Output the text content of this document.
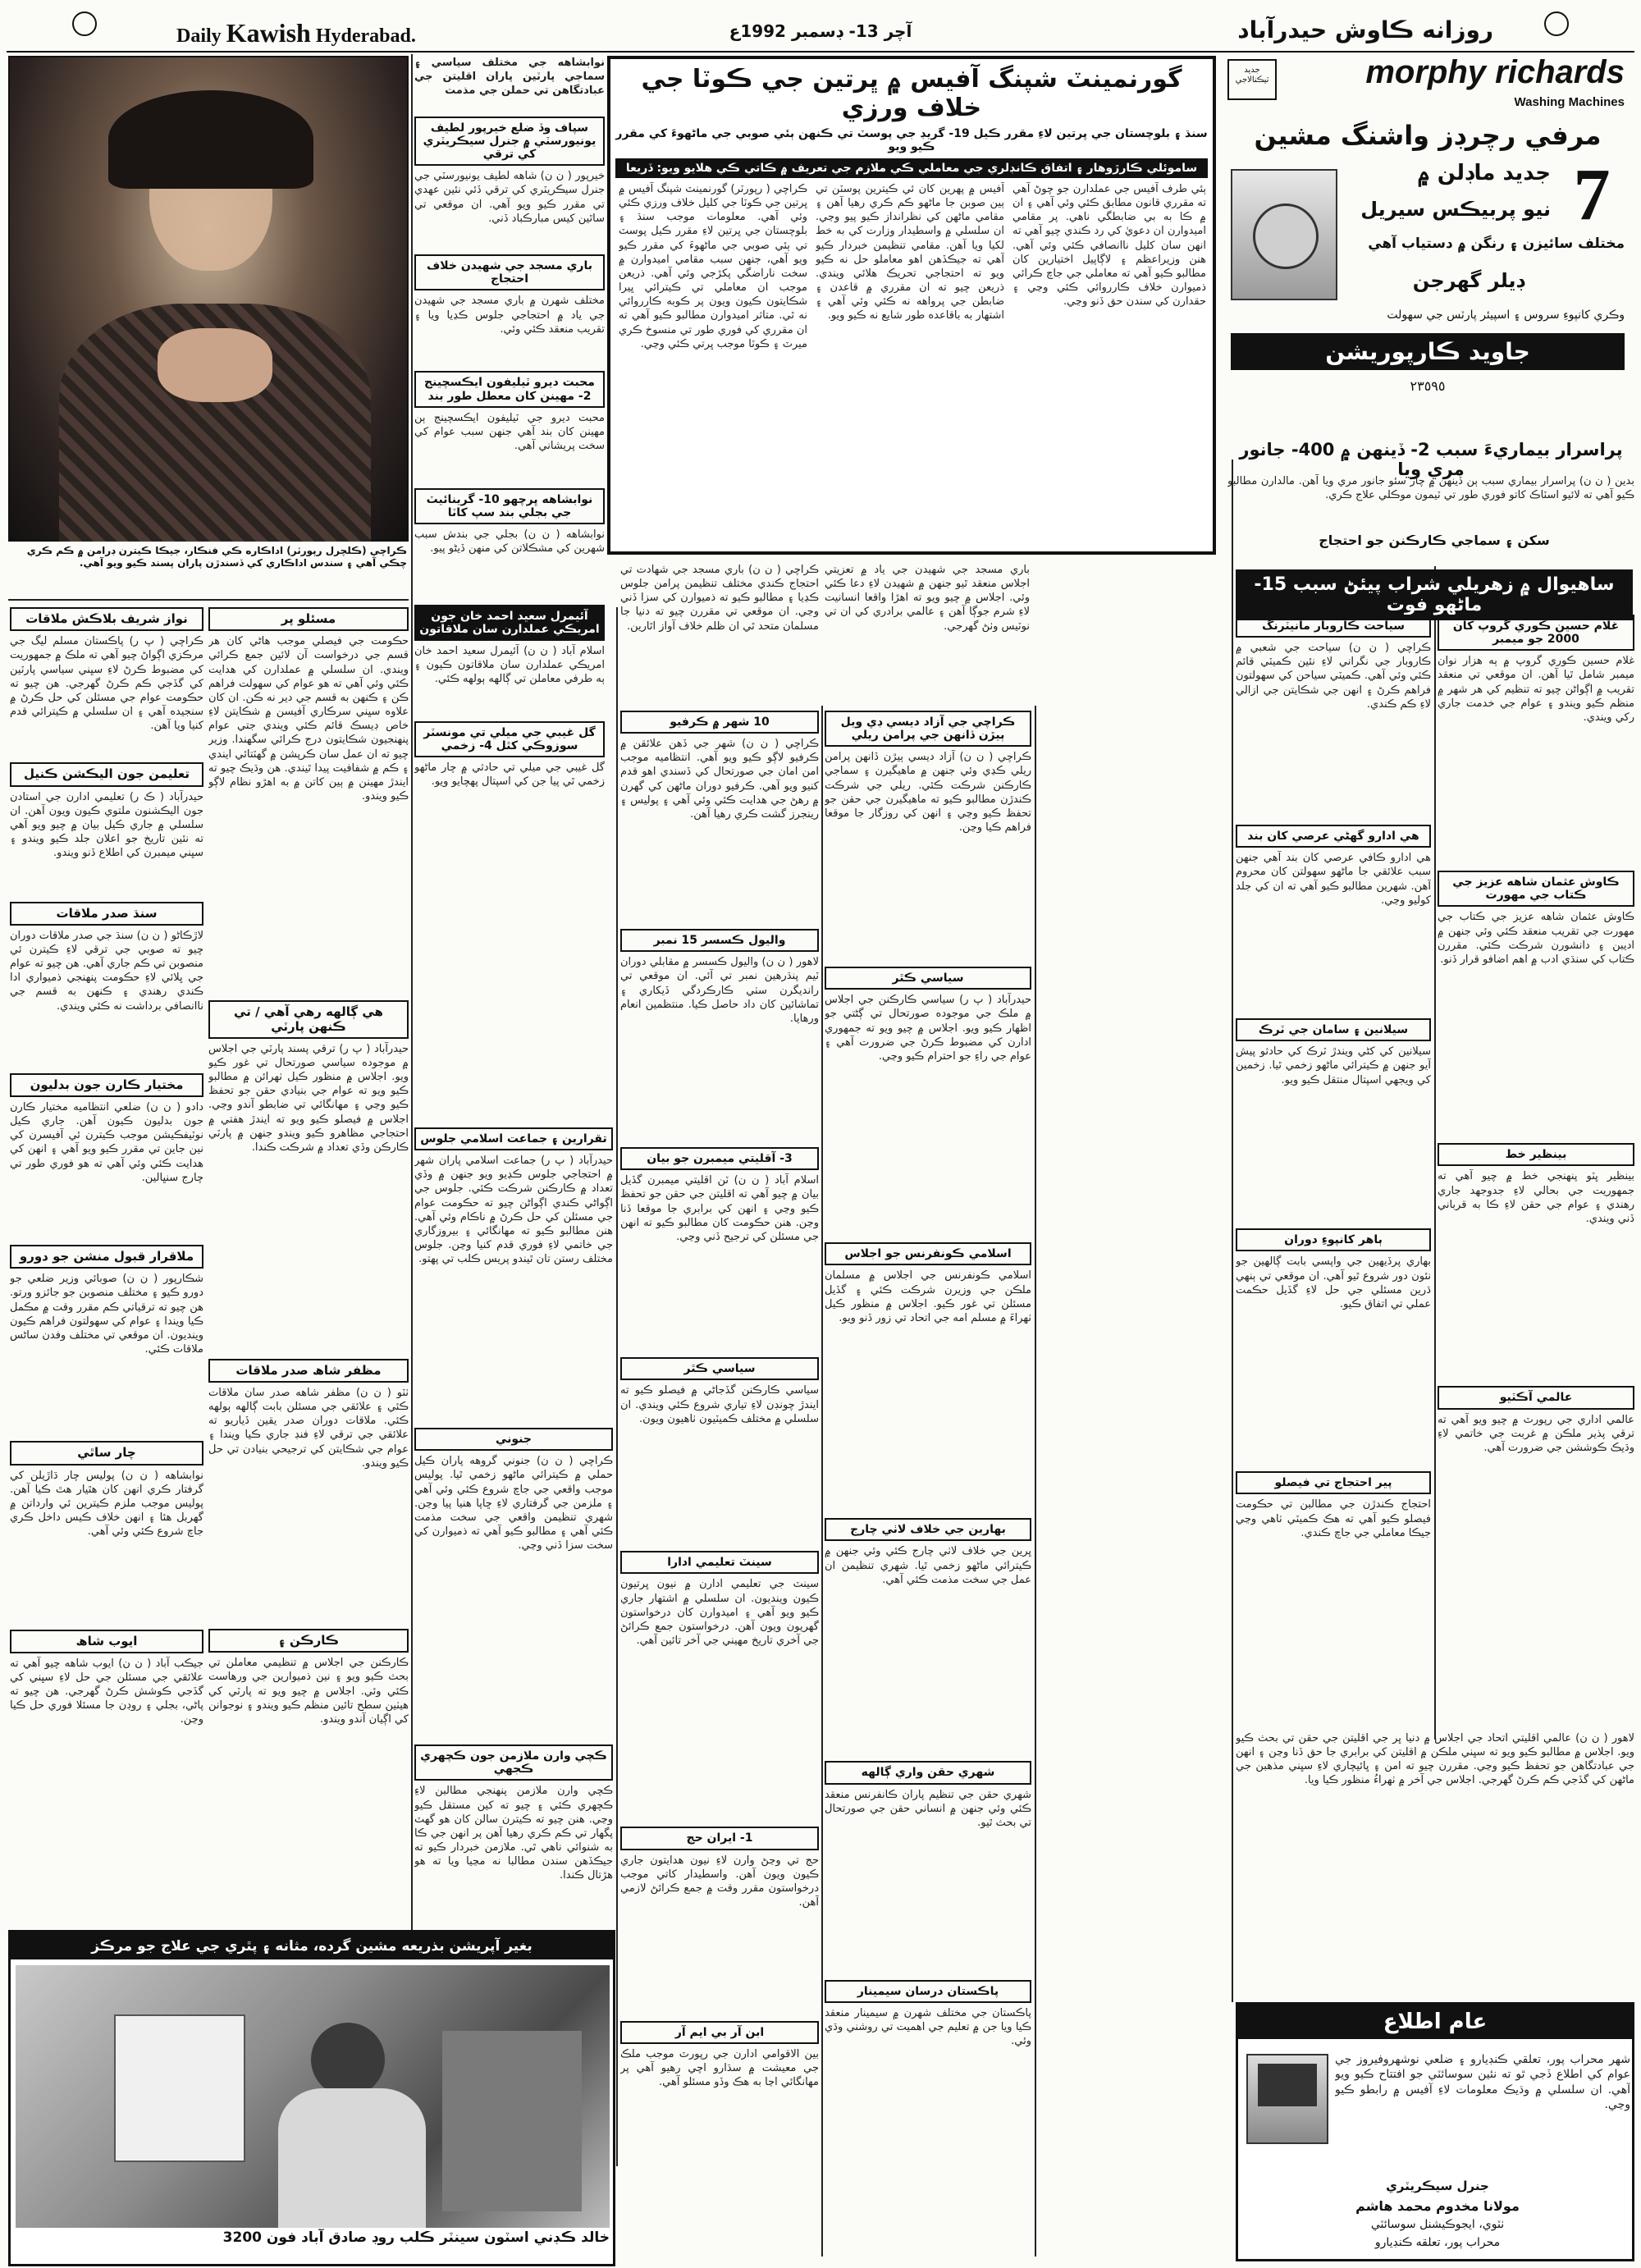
Daily Kawish Hyderabad.	آچر 13- ڊسمبر 1992ع	روزانه ڪاوش حيدرآباد
ڪراچي (ڪلچرل رپورٽر) اداڪاره ڪي فنڪار، جيڪا ڪيترن ڊرامن ۾ ڪم ڪري چڪي آهي ۽ سندس اداڪاري کي ڏسندڙن پاران پسند ڪيو ويو آهي.
نواز شريف بلاڪش ملاقات
ڪراچي ( پ ر) پاڪستان مسلم ليگ جي مرڪزي اڳواڻ چيو آهي ته ملڪ ۾ جمهوريت کي مضبوط ڪرڻ لاءِ سڀني سياسي پارٽين کي گڏجي ڪم ڪرڻ گهرجي. هن چيو ته حڪومت عوام جي مسئلن کي حل ڪرڻ ۾ سنجيده آهي ۽ ان سلسلي ۾ ڪيترائي قدم کنيا ويا آهن.
تعليمن جون اليڪشن ڪنيل
حيدرآباد ( ڪ ر) تعليمي ادارن جي استادن جون اليڪشنون ملتوي ڪيون ويون آهن. ان سلسلي ۾ جاري ڪيل بيان ۾ چيو ويو آهي ته نئين تاريخ جو اعلان جلد ڪيو ويندو ۽ سڀني ميمبرن کي اطلاع ڏنو ويندو.
سنڌ صدر ملاقات
لاڙڪاڻو ( ن ن) سنڌ جي صدر ملاقات دوران چيو ته صوبي جي ترقي لاءِ ڪيترن ئي منصوبن تي ڪم جاري آهي. هن چيو ته عوام جي ڀلائي لاءِ حڪومت پنهنجي ذميواري ادا ڪندي رهندي ۽ ڪنهن به قسم جي ناانصافي برداشت نه ڪئي ويندي.
مختيار ڪارن جون بدليون
دادو ( ن ن) ضلعي انتظاميه مختيار ڪارن جون بدليون ڪيون آهن. جاري ڪيل نوٽيفڪيشن موجب ڪيترن ئي آفيسرن کي نين جاين تي مقرر ڪيو ويو آهي ۽ انهن کي هدايت ڪئي وئي آهي ته هو فوري طور تي چارج سنڀالين.
ملاقرار قبول منشن جو دورو
شڪارپور ( ن ن) صوبائي وزير ضلعي جو دورو ڪيو ۽ مختلف منصوبن جو جائزو ورتو. هن چيو ته ترقياتي ڪم مقرر وقت ۾ مڪمل ڪيا ويندا ۽ عوام کي سهولتون فراهم ڪيون وينديون. ان موقعي تي مختلف وفدن ساڻس ملاقات ڪئي.
چار ساٿي
نوابشاهه ( ن ن) پوليس چار ڌاڙيلن کي گرفتار ڪري انهن کان هٿيار هٿ ڪيا آهن. پوليس موجب ملزم ڪيترين ئي وارداتن ۾ گهربل هئا ۽ انهن خلاف ڪيس داخل ڪري جاچ شروع ڪئي وئي آهي.
ايوب شاھ
جيڪب آباد ( ن ن) ايوب شاهه چيو آهي ته علائقي جي مسئلن جي حل لاءِ سڀني کي گڏجي ڪوشش ڪرڻ گهرجي. هن چيو ته پاڻي، بجلي ۽ روڊن جا مسئلا فوري حل ڪيا وڃن.
مسئلو پر
حڪومت جي فيصلي موجب هاڻي کان هر قسم جي درخواست آن لائين جمع ڪرائي ويندي. ان سلسلي ۾ عملدارن کي هدايت ڪئي وئي آهي ته هو عوام کي سهولت فراهم ڪن ۽ ڪنهن به قسم جي دير نه ڪن. ان کان علاوه سڀني سرڪاري آفيسن ۾ شڪايتن لاءِ خاص ڊيسڪ قائم ڪئي ويندي جتي عوام پنهنجيون شڪايتون درج ڪرائي سگهندا. وزير چيو ته ان عمل سان ڪرپشن ۾ گهٽتائي ايندي ۽ ڪم ۾ شفافيت پيدا ٿيندي. هن وڌيڪ چيو ته ايندڙ مهينن ۾ ٻين کاتن ۾ به اهڙو نظام لاڳو ڪيو ويندو.
هي ڳالهه رهي آهي / تي ڪنهن پارٽي
حيدرآباد ( پ ر) ترقي پسند پارٽي جي اجلاس ۾ موجوده سياسي صورتحال تي غور ڪيو ويو. اجلاس ۾ منظور ڪيل ٺهرائن ۾ مطالبو ڪيو ويو ته عوام جي بنيادي حقن جو تحفظ ڪيو وڃي ۽ مهانگائي تي ضابطو آندو وڃي. اجلاس ۾ فيصلو ڪيو ويو ته ايندڙ هفتي ۾ احتجاجي مظاهرو ڪيو ويندو جنهن ۾ پارٽي ڪارڪن وڏي تعداد ۾ شرڪت ڪندا.
مظفر شاھ صدر ملاقات
ٺٽو ( ن ن) مظفر شاهه صدر سان ملاقات ڪئي ۽ علائقي جي مسئلن بابت ڳالهه ٻولهه ڪئي. ملاقات دوران صدر يقين ڏياريو ته علائقي جي ترقي لاءِ فنڊ جاري ڪيا ويندا ۽ عوام جي شڪايتن کي ترجيحي بنيادن تي حل ڪيو ويندو.
ڪارڪن ۽
ڪارڪنن جي اجلاس ۾ تنظيمي معاملن تي بحث ڪيو ويو ۽ نين ذميوارين جي ورهاست ڪئي وئي. اجلاس ۾ چيو ويو ته پارٽي کي هيٺين سطح تائين منظم ڪيو ويندو ۽ نوجوانن کي اڳيان آندو ويندو.
بغير آپريشن بذريعه مشين گرده، مثانه ۽ پٿري جي علاج جو مرڪز
خالد ڪڊني اسٽون سينٽر ڪلب روڊ صادق آباد فون 3200
گورنمينٽ شپنگ آفيس ۾ ڀرتين جي ڪوٽا جي خلاف ورزي
سنڌ ۽ بلوچستان جي ڀرتين لاءِ مقرر ڪيل 19- گريڊ جي پوسٽ تي ڪنهن ٻئي صوبي جي ماڻهوءَ کي مقرر ڪيو ويو
ساموئلي ڪارڙوهار ۽ اتفاق ڪانڊلري جي معاملي ڪي ملازم جي تعريف ۾ ڪاتي ڪي هلايو ويو: ڏريعا
ڪراچي ( رپورٽر) گورنمينٽ شپنگ آفيس ۾ ڀرتين جي ڪوٽا جي کليل خلاف ورزي ڪئي وئي آهي. معلومات موجب سنڌ ۽ بلوچستان جي ڀرتين لاءِ مقرر ڪيل پوسٽ تي ٻئي صوبي جي ماڻهوءَ کي مقرر ڪيو ويو آهي، جنهن سبب مقامي اميدوارن ۾ سخت ناراضگي پکڙجي وئي آهي. ذريعن موجب ان معاملي تي ڪيترائي ڀيرا شڪايتون ڪيون ويون پر ڪوبه ڪارروائي نه ٿي. متاثر اميدوارن مطالبو ڪيو آهي ته ان مقرري کي فوري طور تي منسوخ ڪري ميرٽ ۽ ڪوٽا موجب ڀرتي ڪئي وڃي.
آفيس ۾ پهرين کان ئي ڪيترين پوسٽن تي ٻين صوبن جا ماڻهو ڪم ڪري رهيا آهن ۽ مقامي ماڻهن کي نظرانداز ڪيو پيو وڃي. ان سلسلي ۾ واسطيدار وزارت کي به خط لکيا ويا آهن. مقامي تنظيمن خبردار ڪيو آهي ته جيڪڏهن اهو معاملو حل نه ڪيو ويو ته احتجاجي تحريڪ هلائي ويندي. ذريعن چيو ته ان مقرري ۾ قاعدن ۽ ضابطن جي پرواهه نه ڪئي وئي آهي ۽ اشتهار به باقاعده طور شايع نه ڪيو ويو.
ٻئي طرف آفيس جي عملدارن جو چوڻ آهي ته مقرري قانون مطابق ڪئي وئي آهي ۽ ان ۾ ڪا به بي ضابطگي ناهي. پر مقامي اميدوارن ان دعويٰ کي رد ڪندي چيو آهي ته انهن سان کليل ناانصافي ڪئي وئي آهي. هنن وزيراعظم ۽ لاڳاپيل اختيارين کان مطالبو ڪيو آهي ته معاملي جي جاچ ڪرائي ذميوارن خلاف ڪارروائي ڪئي وڃي ۽ حقدارن کي سندن حق ڏنو وڃي.
نوابشاهه جي مختلف سياسي ۽ سماجي پارٽين پاران اقليتن جي عبادتگاهن تي حملن جي مذمت
سپاف وڏ ضلع خيرپور لطيف يونيورسٽي ۾ جنرل سيڪريٽري کي ترقي
خيرپور ( ن ن) شاهه لطيف يونيورسٽي جي جنرل سيڪريٽري کي ترقي ڏئي نئين عهدي تي مقرر ڪيو ويو آهي. ان موقعي تي ساٿين کيس مبارڪباد ڏني.
باري مسجد جي شهيدن خلاف احتجاج
مختلف شهرن ۾ باري مسجد جي شهيدن جي ياد ۾ احتجاجي جلوس ڪڍيا ويا ۽ تقريب منعقد ڪئي وئي.
محبت ديرو ٽيليفون ايڪسچينج 2- مهينن کان معطل طور بند
محبت ديرو جي ٽيليفون ايڪسچينج ٻن مهينن کان بند آهي جنهن سبب عوام کي سخت پريشاني آهي.
نوابشاهه ڀرچهو 10- گرينائيٽ جي بجلي بند سپ کاٽا
نوابشاهه ( ن ن) بجلي جي بندش سبب شهرين کي مشڪلاتن کي منهن ڏيڻو پيو.
آئيمرل سعيد احمد خان جون امريڪي عملدارن سان ملاقاتون
اسلام آباد ( ن ن) آئيمرل سعيد احمد خان امريڪي عملدارن سان ملاقاتون ڪيون ۽ ٻه طرفي معاملن تي ڳالهه ٻولهه ڪئي.
گل غيبي جي ميلي تي مونسٽر سوزوڪي کٿل 4- زخمي
گل غيبي جي ميلي تي حادثي ۾ چار ماڻهو زخمي ٿي پيا جن کي اسپتال پهچايو ويو.
تقرارين ۽ جماعت اسلامي جلوس
حيدرآباد ( پ ر) جماعت اسلامي پاران شهر ۾ احتجاجي جلوس ڪڍيو ويو جنهن ۾ وڏي تعداد ۾ ڪارڪنن شرڪت ڪئي. جلوس جي اڳواڻي ڪندي اڳواڻن چيو ته حڪومت عوام جي مسئلن کي حل ڪرڻ ۾ ناڪام وئي آهي. هنن مطالبو ڪيو ته مهانگائي ۽ بيروزگاري جي خاتمي لاءِ فوري قدم کنيا وڃن. جلوس مختلف رستن تان ٿيندو پريس ڪلب تي پهتو.
جنوني
ڪراچي ( ن ن) جنوني گروهه پاران ڪيل حملي ۾ ڪيترائي ماڻهو زخمي ٿيا. پوليس موجب واقعي جي جاچ شروع ڪئي وئي آهي ۽ ملزمن جي گرفتاري لاءِ ڇاپا هنيا پيا وڃن. شهري تنظيمن واقعي جي سخت مذمت ڪئي آهي ۽ مطالبو ڪيو آهي ته ذميوارن کي سخت سزا ڏني وڃي.
ڪچي وارن ملازمن جون ڪچهري ڪجهي
ڪچي وارن ملازمن پنهنجي مطالبن لاءِ ڪچهري ڪئي ۽ چيو ته کين مستقل ڪيو وڃي. هنن چيو ته ڪيترن سالن کان هو گهٽ پگهار تي ڪم ڪري رهيا آهن پر انهن جي ڪا به شنوائي ناهي ٿي. ملازمن خبردار ڪيو ته جيڪڏهن سندن مطالبا نه مڃيا ويا ته هو هڙتال ڪندا.
ڪراچي ( ن ن) باري مسجد جي شهادت تي احتجاج ڪندي مختلف تنظيمن پرامن جلوس ڪڍيا ۽ مطالبو ڪيو ته ذميوارن کي سزا ڏني وڃي. ان موقعي تي مقررن چيو ته دنيا جا مسلمان متحد ٿي ان ظلم خلاف آواز اٿارين.
باري مسجد جي شهيدن جي ياد ۾ تعزيتي اجلاس منعقد ٿيو جنهن ۾ شهيدن لاءِ دعا ڪئي وئي. اجلاس ۾ چيو ويو ته اهڙا واقعا انسانيت لاءِ شرم جوڳا آهن ۽ عالمي برادري کي ان تي نوٽيس وٺڻ گهرجي.
10 شهر ۾ ڪرفيو
ڪراچي ( ن ن) شهر جي ڏهن علائقن ۾ ڪرفيو لاڳو ڪيو ويو آهي. انتظاميه موجب امن امان جي صورتحال کي ڏسندي اهو قدم کنيو ويو آهي. ڪرفيو دوران ماڻهن کي گهرن ۾ رهڻ جي هدايت ڪئي وئي آهي ۽ پوليس ۽ رينجرز گشت ڪري رهيا آهن.
واليول ڪسسر 15 نمبر
لاهور ( ن ن) واليول ڪسسر ۾ مقابلي دوران ٽيم پنڌرهين نمبر تي آئي. ان موقعي تي رانديگرن سٺي ڪارڪردگي ڏيکاري ۽ تماشائين کان داد حاصل ڪيا. منتظمين انعام ورهايا.
3- آقليتي ميمبرن جو بيان
اسلام آباد ( ن ن) ٽن اقليتي ميمبرن گڏيل بيان ۾ چيو آهي ته اقليتن جي حقن جو تحفظ ڪيو وڃي ۽ انهن کي برابري جا موقعا ڏنا وڃن. هنن حڪومت کان مطالبو ڪيو ته انهن جي مسئلن کي ترجيح ڏني وڃي.
سياسي ڪٿر
سياسي ڪارڪنن گڏجاڻي ۾ فيصلو ڪيو ته ايندڙ چونڊن لاءِ تياري شروع ڪئي ويندي. ان سلسلي ۾ مختلف ڪميٽيون ٺاهيون ويون.
سينٽ تعليمي ادارا
سينٽ جي تعليمي ادارن ۾ نيون ڀرتيون ڪيون وينديون. ان سلسلي ۾ اشتهار جاري ڪيو ويو آهي ۽ اميدوارن کان درخواستون گهريون ويون آهن. درخواستون جمع ڪرائڻ جي آخري تاريخ مهيني جي آخر تائين آهي.
1- ايران حج
حج تي وڃڻ وارن لاءِ نيون هدايتون جاري ڪيون ويون آهن. واسطيدار کاتي موجب درخواستون مقرر وقت ۾ جمع ڪرائڻ لازمي آهن.
ابن آر بي ايم آر
بين الاقوامي ادارن جي رپورٽ موجب ملڪ جي معيشت ۾ سڌارو اچي رهيو آهي پر مهانگائي اڃا به هڪ وڏو مسئلو آهي.
ڪراچي جي آزاد ديسي ڊي ويل ٻيڙن ڏانهن جي پرامن ريلي
ڪراچي ( ن ن) آزاد ديسي ٻيڙن ڏانهن پرامن ريلي ڪڍي وئي جنهن ۾ ماهيگيرن ۽ سماجي ڪارڪنن شرڪت ڪئي. ريلي جي شرڪت ڪندڙن مطالبو ڪيو ته ماهيگيرن جي حقن جو تحفظ ڪيو وڃي ۽ انهن کي روزگار جا موقعا فراهم ڪيا وڃن.
سياسي ڪٿر
حيدرآباد ( پ ر) سياسي ڪارڪنن جي اجلاس ۾ ملڪ جي موجوده صورتحال تي ڳڻتي جو اظهار ڪيو ويو. اجلاس ۾ چيو ويو ته جمهوري ادارن کي مضبوط ڪرڻ جي ضرورت آهي ۽ عوام جي راءِ جو احترام ڪيو وڃي.
اسلامي ڪونفرنس جو اجلاس
اسلامي ڪونفرنس جي اجلاس ۾ مسلمان ملڪن جي وزيرن شرڪت ڪئي ۽ گڏيل مسئلن تي غور ڪيو. اجلاس ۾ منظور ڪيل ٺهراءَ ۾ مسلم امه جي اتحاد تي زور ڏنو ويو.
بهارين جي خلاف لاٺي چارج
ڀرين جي خلاف لاٺي چارج ڪئي وئي جنهن ۾ ڪيترائي ماڻهو زخمي ٿيا. شهري تنظيمن ان عمل جي سخت مذمت ڪئي آهي.
شهري حقن واري ڳالهه
شهري حقن جي تنظيم پاران ڪانفرنس منعقد ڪئي وئي جنهن ۾ انساني حقن جي صورتحال تي بحث ٿيو.
پاڪستان درسان سيمينار
پاڪستان جي مختلف شهرن ۾ سيمينار منعقد ڪيا ويا جن ۾ تعليم جي اهميت تي روشني وڌي وئي.
جديد ٽيڪنالاجي	morphy richards
Washing Machines
مرفي رچرڊز واشنگ مشين
جديد ماڊلن ۾ 7
نيو پربيڪس سيريل
مختلف سائيزن ۽ رنگن ۾ دستياب آهي
ڊيلر گهرجن
وڪري کانپوءِ سروس ۽ اسپيئر پارٽس جي سهولت
جاويد ڪارپوريشن
٢٣٥٩٥
پراسرار بيماريءَ سبب 2- ڏينهن ۾ 400- جانور مري ويا
بدين ( ن ن) پراسرار بيماري سبب ٻن ڏينهن ۾ چار سئو جانور مري ويا آهن. مالدارن مطالبو ڪيو آهي ته لائيو اسٽاڪ کاتو فوري طور تي ٽيمون موڪلي علاج ڪري.
سکن ۽ سماجي ڪارڪنن جو احتجاج
ساهيوال ۾ زهريلي شراب پيئڻ سبب 15- ماڻهو فوت
سياحت ڪاروبار مانيٽرنگ
ڪراچي ( ن ن) سياحت جي شعبي ۾ ڪاروبار جي نگراني لاءِ نئين ڪميٽي قائم ڪئي وئي آهي. ڪميٽي سياحن کي سهولتون فراهم ڪرڻ ۽ انهن جي شڪايتن جي ازالي لاءِ ڪم ڪندي.
هي ادارو گهڻي عرصي کان بند
هي ادارو ڪافي عرصي کان بند آهي جنهن سبب علائقي جا ماڻهو سهولتن کان محروم آهن. شهرين مطالبو ڪيو آهي ته ان کي جلد کوليو وڃي.
سيلانين ۽ سامان جي ٽرڪ
سيلانين کي کڻي ويندڙ ٽرڪ کي حادثو پيش آيو جنهن ۾ ڪيترائي ماڻهو زخمي ٿيا. زخمين کي ويجهي اسپتال منتقل ڪيو ويو.
ٻاهر کانپوءِ دوران
بهاري پرڏيهين جي واپسي بابت ڳالهين جو نئون دور شروع ٿيو آهي. ان موقعي تي ٻنهي ڌرين مسئلي جي حل لاءِ گڏيل حڪمت عملي تي اتفاق ڪيو.
پير احتجاج تي فيصلو
احتجاج ڪندڙن جي مطالبن تي حڪومت فيصلو ڪيو آهي ته هڪ ڪميٽي ٺاهي وڃي جيڪا معاملي جي جاچ ڪندي.
غلام حسين ڪوري گروپ کان 2000 جو ميمبر
غلام حسين ڪوري گروپ ۾ ٻه هزار نوان ميمبر شامل ٿيا آهن. ان موقعي تي منعقد تقريب ۾ اڳواڻن چيو ته تنظيم کي هر شهر ۾ منظم ڪيو ويندو ۽ عوام جي خدمت جاري رکي ويندي.
ڪاوش عثمان شاهه عزيز جي ڪتاب جي مهورت
ڪاوش عثمان شاهه عزيز جي ڪتاب جي مهورت جي تقريب منعقد ڪئي وئي جنهن ۾ اديبن ۽ دانشورن شرڪت ڪئي. مقررن ڪتاب کي سنڌي ادب ۾ اهم اضافو قرار ڏنو.
بينظير خط
بينظير ڀٽو پنهنجي خط ۾ چيو آهي ته جمهوريت جي بحالي لاءِ جدوجهد جاري رهندي ۽ عوام جي حقن لاءِ ڪا به قرباني ڏني ويندي.
عالمي آڪٽيو
عالمي اداري جي رپورٽ ۾ چيو ويو آهي ته ترقي پذير ملڪن ۾ غربت جي خاتمي لاءِ وڌيڪ ڪوششن جي ضرورت آهي.
عام اطلاع
شهر محراب پور، تعلقي ڪنڊيارو ۽ ضلعي نوشهروفيروز جي عوام کي اطلاع ڏجي ٿو ته نئين سوسائٽي جو افتتاح ڪيو ويو آهي. ان سلسلي ۾ وڌيڪ معلومات لاءِ آفيس ۾ رابطو ڪيو وڃي.
جنرل سيڪريٽري
مولانا مخدوم محمد هاشم
ٺٽوي، ايجوڪيشنل سوسائٽي
محراب پور، تعلقه ڪنڊيارو
لاهور ( ن ن) عالمي اقليتي اتحاد جي اجلاس ۾ دنيا ڀر جي اقليتن جي حقن تي بحث ڪيو ويو. اجلاس ۾ مطالبو ڪيو ويو ته سڀني ملڪن ۾ اقليتن کي برابري جا حق ڏنا وڃن ۽ انهن جي عبادتگاهن جو تحفظ ڪيو وڃي. مقررن چيو ته امن ۽ ڀائيچاري لاءِ سڀني مذهبن جي ماڻهن کي گڏجي ڪم ڪرڻ گهرجي. اجلاس جي آخر ۾ ٺهراءُ منظور ڪيا ويا.
